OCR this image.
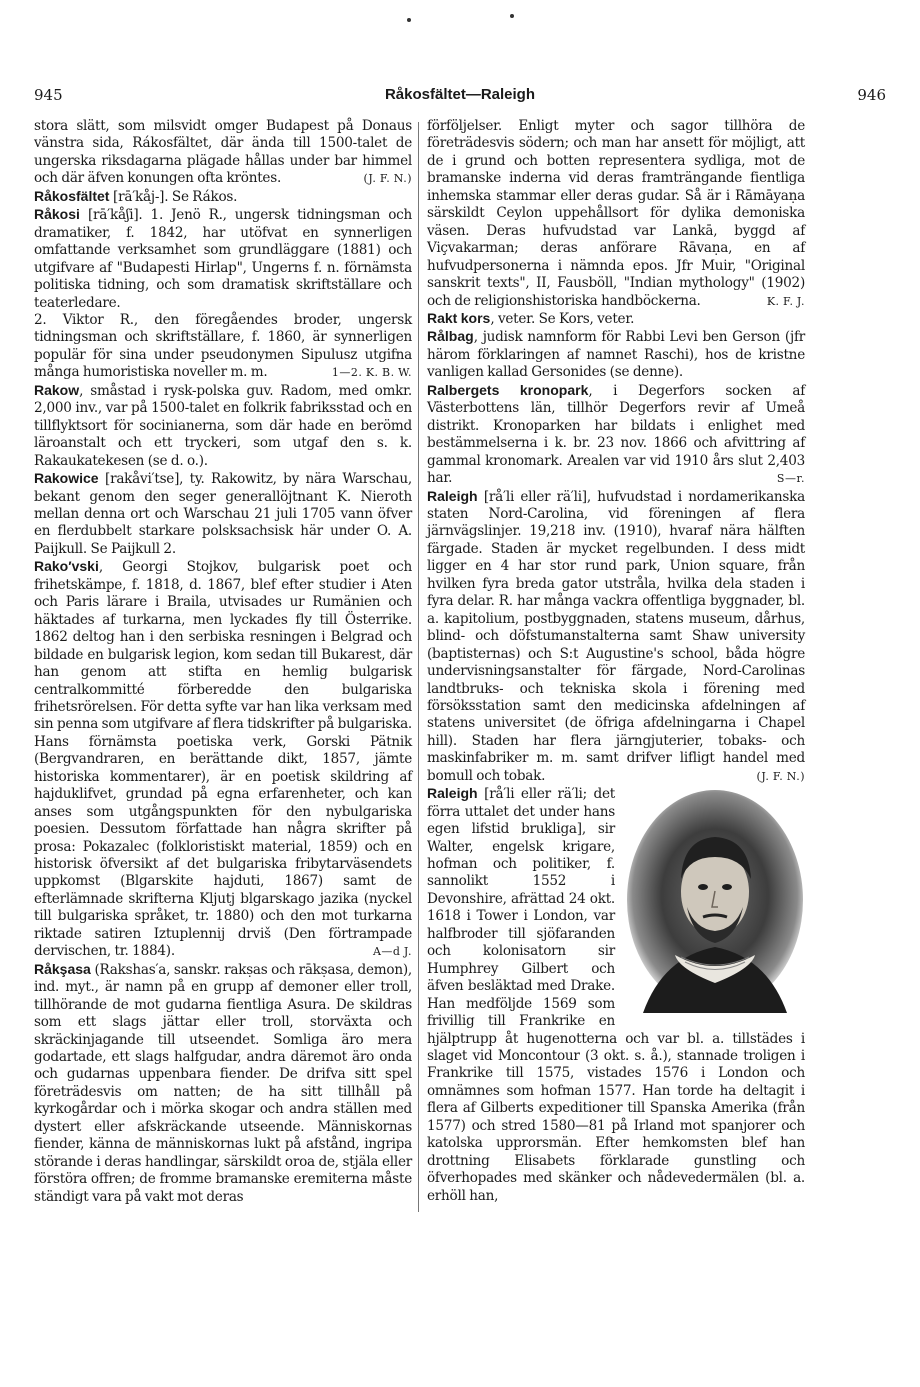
945	Råkosfältet—Raleigh	946

stora slätt, som milsvidt omger Budapest på Donaus vänstra sida, Rákosfältet, där ända till 1500-talet de ungerska riksdagarna plägade hållas under bar himmel och där äfven konungen ofta kröntes.	(J. F. N.)

Råkosfältet [rā′kåj-]. Se Rákos.

Råkosi [rā′kåʃi]. 1. Jenö R., ungersk tidningsman och dramatiker, f. 1842, har utöfvat en synnerligen omfattande verksamhet som grundläggare (1881) och utgifvare af "Budapesti Hirlap", Ungerns f. n. förnämsta politiska tidning, och som dramatisk skriftställare och teaterledare.

2. Viktor R., den föregåendes broder, ungersk tidningsman och skriftställare, f. 1860, är synnerligen populär för sina under pseudonymen Sipulusz utgifna många humoristiska noveller m. m.	1—2. K. B. W.

Rakow, småstad i rysk-polska guv. Radom, med omkr. 2,000 inv., var på 1500-talet en folkrik fabriksstad och en tillflyktsort för socinianerna, som där hade en berömd läroanstalt och ett tryckeri, som utgaf den s. k. Rakaukatekesen (se d. o.).

Rakowice [rakåvi′tse], ty. Rakowitz, by nära Warschau, bekant genom den seger generallöjtnant K. Nieroth mellan denna ort och Warschau 21 juli 1705 vann öfver en flerdubbelt starkare polsksachsisk här under O. A. Paijkull. Se Paijkull 2.

Rako′vski, Georgi Stojkov, bulgarisk poet och frihetskämpe, f. 1818, d. 1867, blef efter studier i Aten och Paris lärare i Braila, utvisades ur Rumänien och häktades af turkarna, men lyckades fly till Österrike. 1862 deltog han i den serbiska resningen i Belgrad och bildade en bulgarisk legion, kom sedan till Bukarest, där han genom att stifta en hemlig bulgarisk centralkommitté förberedde den bulgariska frihetsrörelsen. För detta syfte var han lika verksam med sin penna som utgifvare af flera tidskrifter på bulgariska. Hans förnämsta poetiska verk, Gorski Pätnik (Bergvandraren, en berättande dikt, 1857, jämte historiska kommentarer), är en poetisk skildring af hajduklifvet, grundad på egna erfarenheter, och kan anses som utgångspunkten för den nybulgariska poesien. Dessutom författade han några skrifter på prosa: Pokazalec (folkloristiskt material, 1859) och en historisk öfversikt af det bulgariska fribytarväsendets uppkomst (Blgarskite hajduti, 1867) samt de efterlämnade skrifterna Kljutj blgarskago jazika (nyckel till bulgariska språket, tr. 1880) och den mot turkarna riktade satiren Iztuplennij drviš (Den förtrampade dervischen, tr. 1884).	A—d J.

Råkşasa (Rakshas′a, sanskr. rakṣas och rākṣasa, demon), ind. myt., är namn på en grupp af demoner eller troll, tillhörande de mot gudarna fientliga Asura. De skildras som ett slags jättar eller troll, storväxta och skräckinjagande till utseendet. Somliga äro mera godartade, ett slags halfgudar, andra däremot äro onda och gudarnas uppenbara fiender. De drifva sitt spel företrädesvis om natten; de ha sitt tillhåll på kyrkogårdar och i mörka skogar och andra ställen med dystert eller afskräckande utseende. Människornas fiender, känna de människornas lukt på afstånd, ingripa störande i deras handlingar, särskildt oroa de, stjäla eller förstöra offren; de fromme bramanske eremiterna måste ständigt vara på vakt mot deras

förföljelser. Enligt myter och sagor tillhöra de företrädesvis södern; och man har ansett för möjligt, att de i grund och botten representera sydliga, mot de bramanske inderna vid deras framträngande fientliga inhemska stammar eller deras gudar. Så är i Rāmāyaṇa särskildt Ceylon uppehållsort för dylika demoniska väsen. Deras hufvudstad var Lankā, byggd af Viçvakarman; deras anförare Rāvaṇa, en af hufvudpersonerna i nämnda epos. Jfr Muir, "Original sanskrit texts", II, Fausböll, "Indian mythology" (1902) och de religionshistoriska handböckerna.	K. F. J.

Rakt kors, veter. Se Kors, veter.

Rålbag, judisk namnform för Rabbi Levi ben Gerson (jfr härom förklaringen af namnet Raschi), hos de kristne vanligen kallad Gersonides (se denne).

Ralbergets kronopark, i Degerfors socken af Västerbottens län, tillhör Degerfors revir af Umeå distrikt. Kronoparken har bildats i enlighet med bestämmelserna i k. br. 23 nov. 1866 och afvittring af gammal kronomark. Arealen var vid 1910 års slut 2,403 har.	S—r.

Raleigh [rå′li eller rä′li], hufvudstad i nordamerikanska staten Nord-Carolina, vid föreningen af flera järnvägslinjer. 19,218 inv. (1910), hvaraf nära hälften färgade. Staden är mycket regelbunden. I dess midt ligger en 4 har stor rund park, Union square, från hvilken fyra breda gator utstråla, hvilka dela staden i fyra delar. R. har många vackra offentliga byggnader, bl. a. kapitolium, postbyggnaden, statens museum, dårhus, blind- och döfstumanstalterna samt Shaw university (baptisternas) och S:t Augustine's school, båda högre undervisningsanstalter för färgade, Nord-Carolinas landtbruks- och tekniska skola i förening med försöksstation samt den medicinska afdelningen af statens universitet (de öfriga afdelningarna i Chapel hill). Staden har flera järngjuterier, tobaks- och maskinfabriker m. m. samt drifver lifligt handel med bomull och tobak.	(J. F. N.)

Raleigh [rå′li eller rä′li; det förra uttalet det under hans egen lifstid brukliga], sir Walter, engelsk krigare, hofman och politiker, f. sannolikt 1552 i Devonshire, afrättad 24 okt. 1618 i Tower i London, var halfbroder till sjöfaranden och kolonisatorn sir Humphrey Gilbert och äfven besläktad med Drake. Han medföljde 1569 som frivillig till Frankrike en hjälptrupp åt hugenotterna och var bl. a. tillstädes i slaget vid Moncontour (3 okt. s. å.), stannade troligen i Frankrike till 1575, vistades 1576 i London och omnämnes som hofman 1577. Han torde ha deltagit i flera af Gilberts expeditioner till Spanska Amerika (från 1577) och stred 1580—81 på Irland mot spanjorer och katolska upprorsmän. Efter hemkomsten blef han drottning Elisabets förklarade gunstling och öfverhopades med skänker och nådevedermälen (bl. a. erhöll han,
